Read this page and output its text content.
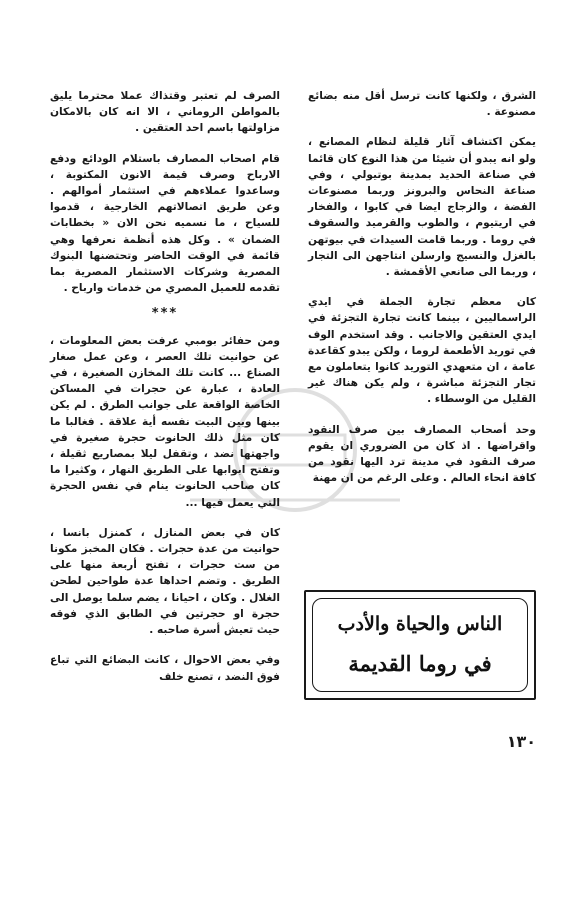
الشرق ، ولكنها كانت ترسل أقل منه بضائع مصنوعة .

يمكن اكتشاف آثار قليلة لنظام المصانع ، ولو انه يبدو أن شيئا من هذا النوع كان قائما في صناعة الحديد بمدينة بوتيولي ، وفي صناعة النحاس والبرونز وربما مصنوعات الفضة ، والزجاج ايضا في كابوا ، والفخار في اريتيوم ، والطوب والقرميد والسقوف في روما . وربما قامت السيدات في بيوتهن بالغزل والنسيج وارسلن انتاجهن الى التجار ، وربما الى صانعي الأقمشة .

كان معظم تجارة الجملة في ايدي الراسماليين ، بينما كانت تجارة التجزئة في ايدي العتقين والاجانب . وقد استخدم الوف في توريد الأطعمة لروما ، ولكن يبدو كقاعدة عامة ، ان متعهدي التوريد كانوا يتعاملون مع تجار التجزئة مباشرة ، ولم يكن هناك غير القليل من الوسطاء .

وحد أصحاب المصارف بين صرف النقود واقراضها . اذ كان من الضروري ان يقوم صرف النقود في مدينة ترد اليها نقود من كافة انحاء العالم . وعلى الرغم من ان مهنة

الصرف لم تعتبر وقتذاك عملا محترما يليق بالمواطن الروماني ، الا انه كان بالامكان مزاولتها باسم احد العتقين .

قام اصحاب المصارف باستلام الودائع ودفع الارباح وصرف قيمة الانون المكتوبة ، وساعدوا عملاءهم في استثمار أموالهم . وعن طريق اتصالاتهم الخارجية ، قدموا للسياح ، ما نسميه نحن الان « بخطابات الضمان » . وكل هذه أنظمة نعرفها وهي قائمة في الوقت الحاضر وتحتضنها البنوك المصرية وشركات الاستثمار المصرية بما تقدمه للعميل المصري من خدمات وارباح .

***

ومن حفائر بومبي عرفت بعض المعلومات ، عن حوانيت تلك العصر ، وعن عمل صغار الصناع ... كانت تلك المخازن الصغيرة ، في العادة ، عبارة عن حجرات في المساكن الخاصة الواقعة على جوانب الطرق . لم يكن بينها وبين البيت نفسه أية علاقة . فغالبا ما كان مثل ذلك الحانوت حجرة صغيرة في واجهتها نضد ، وتقفل ليلا بمصاريع ثقيلة ، وتفتح ابوابها على الطريق النهار ، وكثيرا ما كان صاحب الحانوت ينام في نفس الحجرة التي يعمل فيها ...

كان في بعض المنازل ، كمنزل بانسا ، حوانيت من عدة حجرات . فكان المخبز مكونا من ست حجرات ، تفتح أربعة منها على الطريق . وتضم احداها عدة طواحين لطحن الغلال . وكان ، احيانا ، يضم سلما يوصل الى حجرة او حجرتين في الطابق الذي فوقه حيث تعيش أسرة صاحبه .

وفي بعض الاحوال ، كانت البضائع التي تباع فوق النضد ، تصنع خلف

الناس والحياة والأدب
في روما القديمة
١٣٠
